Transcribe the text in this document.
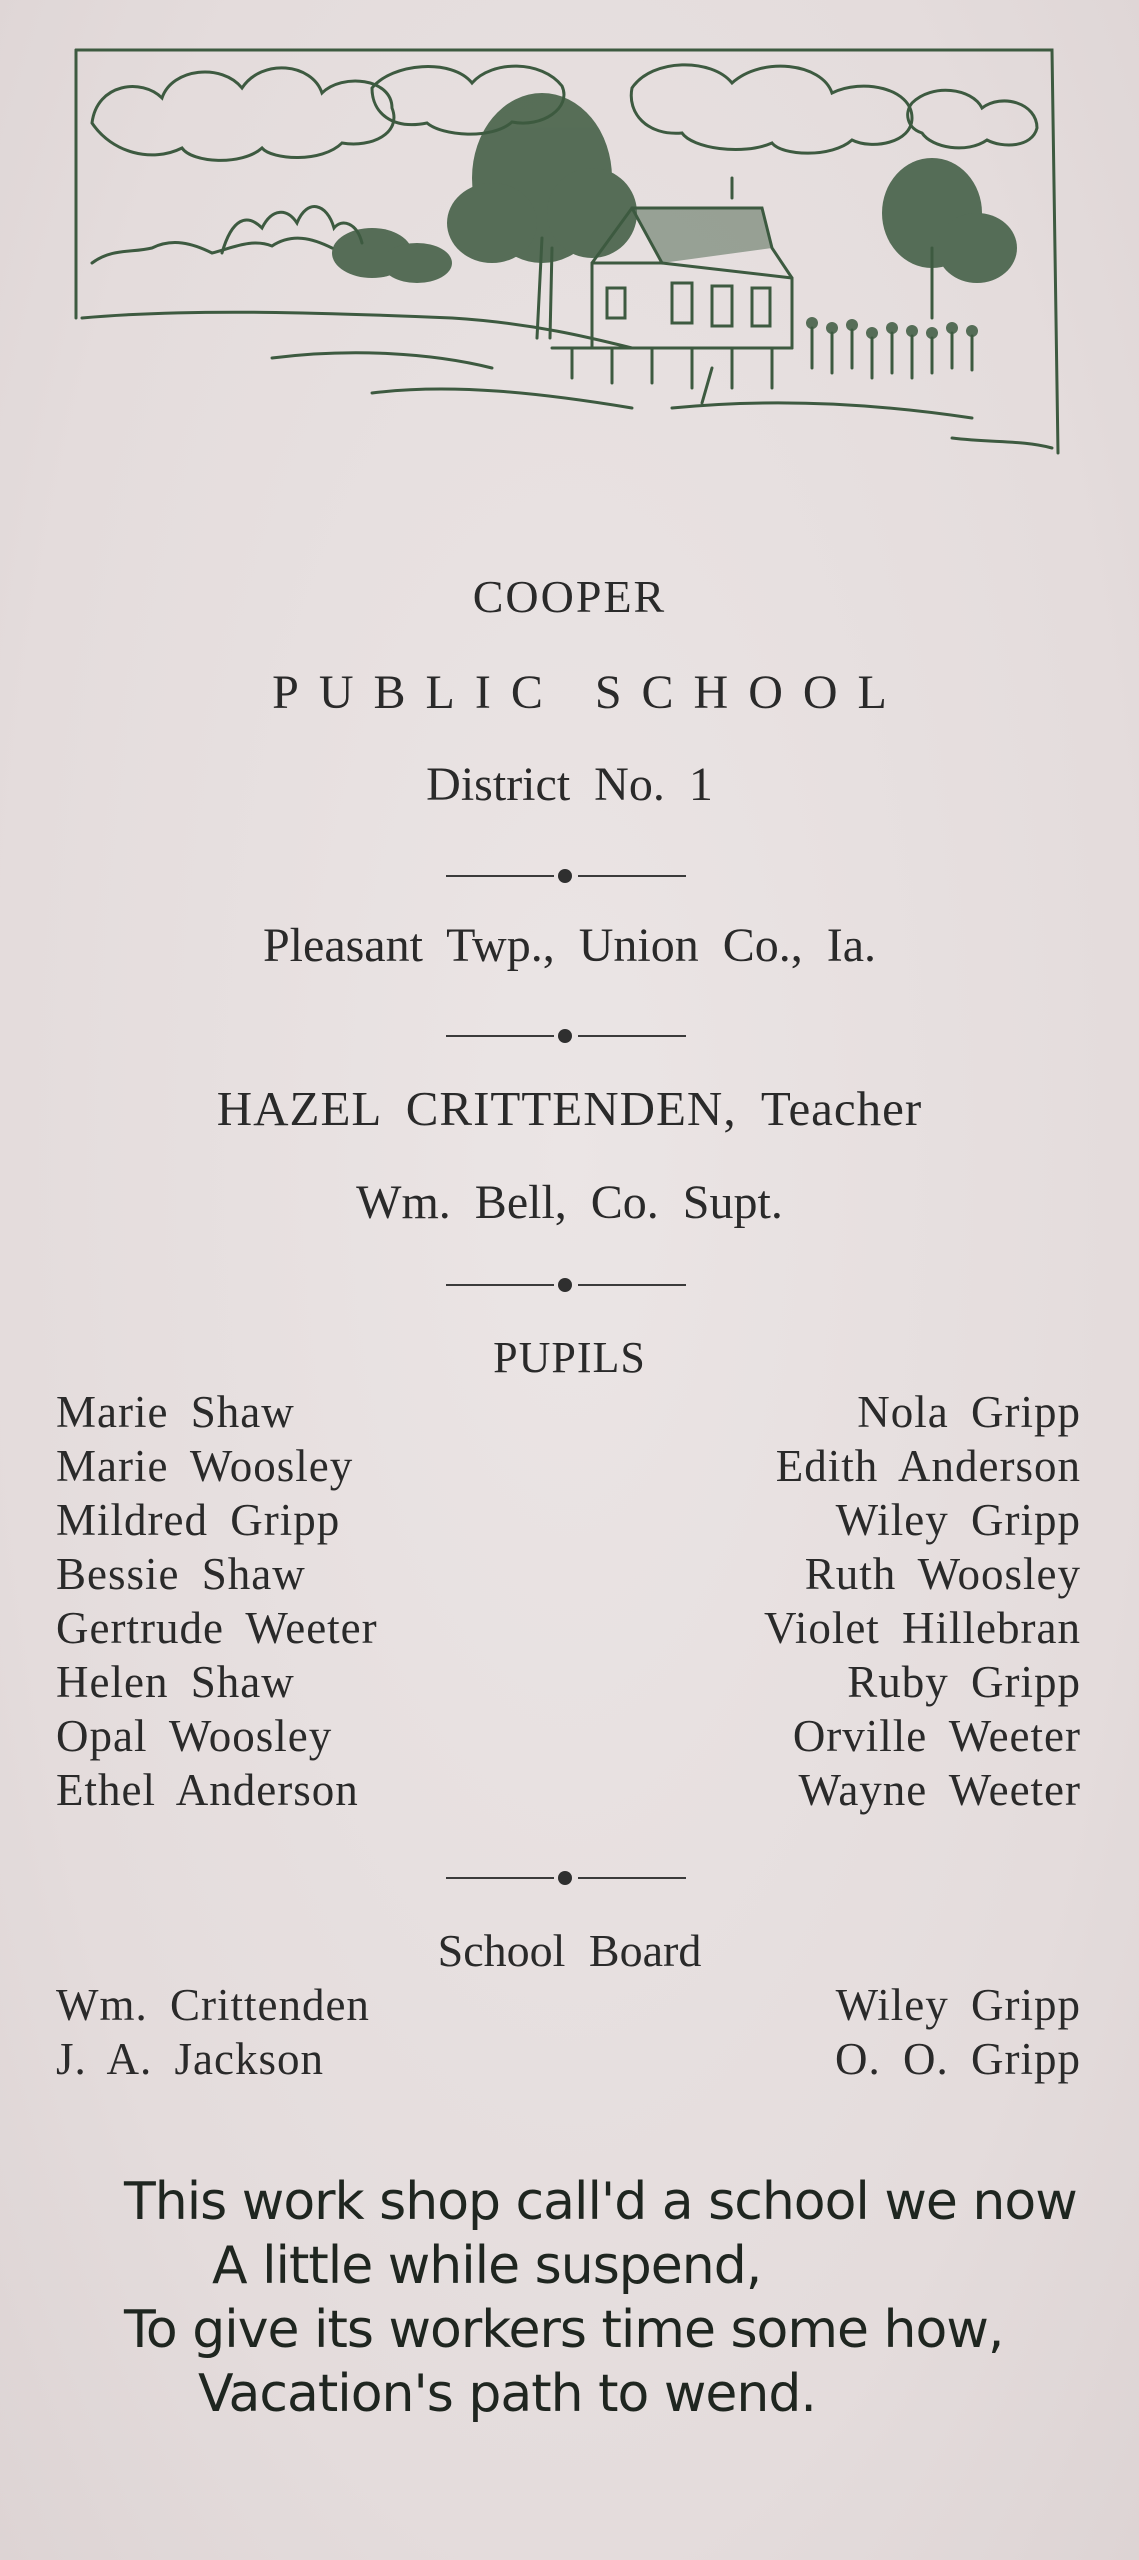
COOPER
PUBLIC SCHOOL
District No. 1
Pleasant Twp., Union Co., Ia.
HAZEL CRITTENDEN, Teacher
Wm. Bell, Co. Supt.
PUPILS
Marie Shaw	Nola Gripp
Marie Woosley	Edith Anderson
Mildred Gripp	Wiley Gripp
Bessie Shaw	Ruth Woosley
Gertrude Weeter	Violet Hillebran
Helen Shaw	Ruby Gripp
Opal Woosley	Orville Weeter
Ethel Anderson	Wayne Weeter
School Board
Wm. Crittenden	Wiley Gripp
J. A. Jackson	O. O. Gripp
This work shop call'd a school we now
A little while suspend,
To give its workers time some how,
Vacation's path to wend.
